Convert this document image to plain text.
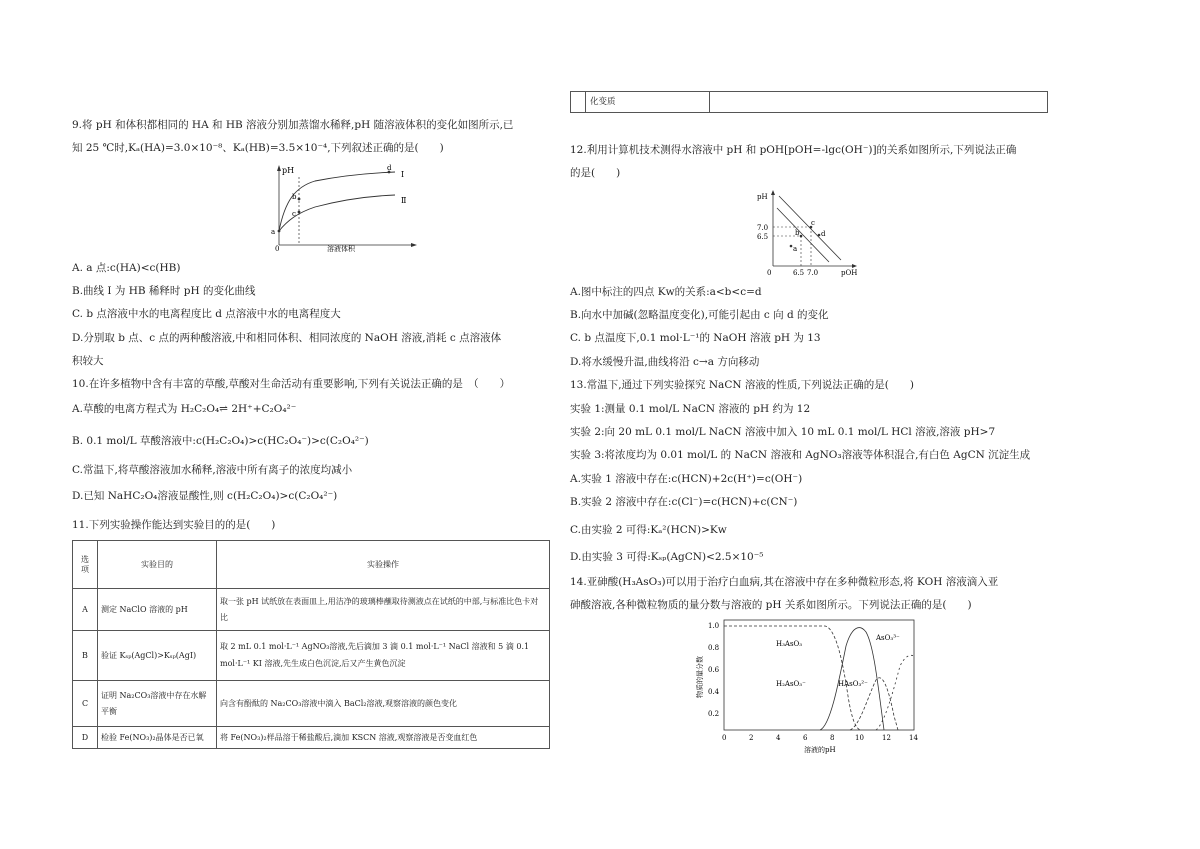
9.将 pH 和体积都相同的 HA 和 HB 溶液分别加蒸馏水稀释,pH 随溶液体积的变化如图所示,已
知 25 ℃时,Kₐ(HA)=3.0×10⁻⁸、Kₐ(HB)=3.5×10⁻⁴,下列叙述正确的是(　　)
pH
0	溶液体积
a
b
c
d
Ⅰ
Ⅱ
A. a 点:c(HA)<c(HB)
B.曲线 Ⅰ 为 HB 稀释时 pH 的变化曲线
C. b 点溶液中水的电离程度比 d 点溶液中水的电离程度大
D.分别取 b 点、c 点的两种酸溶液,中和相同体积、相同浓度的 NaOH 溶液,消耗 c 点溶液体
积较大
10.在许多植物中含有丰富的草酸,草酸对生命活动有重要影响,下列有关说法正确的是　（　　）
A.草酸的电离方程式为 H₂C₂O₄⇌ 2H⁺+C₂O₄²⁻
B. 0.1 mol/L 草酸溶液中:c(H₂C₂O₄)>c(HC₂O₄⁻)>c(C₂O₄²⁻)
C.常温下,将草酸溶液加水稀释,溶液中所有离子的浓度均减小
D.已知 NaHC₂O₄溶液显酸性,则 c(H₂C₂O₄)>c(C₂O₄²⁻)
11.下列实验操作能达到实验目的的是(　　)
选
项	实验目的	实验操作
A	测定 NaClO 溶液的 pH	取一张 pH 试纸放在表面皿上,用洁净的玻璃棒蘸取待测液点在试纸的中部,与标准比色卡对比
B	验证 Kₛₚ(AgCl)>Kₛₚ(AgI)	取 2 mL 0.1 mol·L⁻¹ AgNO₃溶液,先后滴加 3 滴 0.1 mol·L⁻¹ NaCl 溶液和 5 滴 0.1 mol·L⁻¹ KI 溶液,先生成白色沉淀,后又产生黄色沉淀
C	证明 Na₂CO₃溶液中存在水解平衡	向含有酚酞的 Na₂CO₃溶液中滴入 BaCl₂溶液,观察溶液的颜色变化
D	检验 Fe(NO₃)₂晶体是否已氧	将 Fe(NO₃)₂样品溶于稀盐酸后,滴加 KSCN 溶液,观察溶液是否变血红色
	化变质	
12.利用计算机技术测得水溶液中 pH 和 pOH[pOH=-lgc(OH⁻)]的关系如图所示,下列说法正确
的是(　　)
pH
pOH
0
7.0
6.5
6.5 7.0
a
b
c
d
A.图中标注的四点 Kᴡ的关系:a<b<c=d
B.向水中加碱(忽略温度变化),可能引起由 c 向 d 的变化
C. b 点温度下,0.1 mol·L⁻¹的 NaOH 溶液 pH 为 13
D.将水缓慢升温,曲线将沿 c→a 方向移动
13.常温下,通过下列实验探究 NaCN 溶液的性质,下列说法正确的是(　　)
实验 1:测量 0.1 mol/L NaCN 溶液的 pH 约为 12
实验 2:向 20 mL 0.1 mol/L NaCN 溶液中加入 10 mL 0.1 mol/L HCl 溶液,溶液 pH>7
实验 3:将浓度均为 0.01 mol/L 的 NaCN 溶液和 AgNO₃溶液等体积混合,有白色 AgCN 沉淀生成
A.实验 1 溶液中存在:c(HCN)+2c(H⁺)=c(OH⁻)
B.实验 2 溶液中存在:c(Cl⁻)=c(HCN)+c(CN⁻)
C.由实验 2 可得:Kₐ²(HCN)>Kᴡ
D.由实验 3 可得:Kₛₚ(AgCN)<2.5×10⁻⁵
14.亚砷酸(H₃AsO₃)可以用于治疗白血病,其在溶液中存在多种微粒形态,将 KOH 溶液滴入亚
砷酸溶液,各种微粒物质的量分数与溶液的 pH 关系如图所示。下列说法正确的是(　　)
物质的量分数
溶液的pH
1.0
0.8
0.6
0.4
0.2
0	2	4	6	8	10	12	14
H₃AsO₃
H₂AsO₃⁻	HAsO₃²⁻
AsO₃³⁻
